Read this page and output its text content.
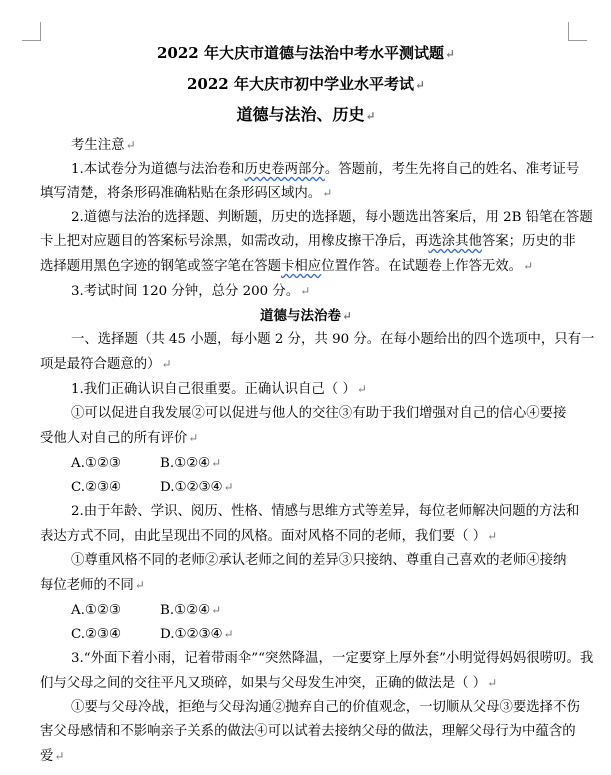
2022 年大庆市道德与法治中考水平测试题↵
2022 年大庆市初中学业水平考试↵
道德与法治、历史↵
考生注意↵
1.本试卷分为道德与法治卷和历史卷两部分。答题前，考生先将自己的姓名、准考证号
填写清楚，将条形码准确粘贴在条形码区域内。↵
2.道德与法治的选择题、判断题，历史的选择题，每小题选出答案后，用 2B 铅笔在答题
卡上把对应题目的答案标号涂黑，如需改动，用橡皮擦干净后，再选涂其他答案；历史的非
选择题用黑色字迹的钢笔或签字笔在答题卡相应位置作答。在试题卷上作答无效。↵
3.考试时间 120 分钟，总分 200 分。↵
道德与法治卷↵
一、选择题（共 45 小题，每小题 2 分，共 90 分。在每小题给出的四个选项中，只有一
项是最符合题意的）↵
1.我们正确认识自己很重要。正确认识自己（ ）↵
①可以促进自我发展②可以促进与他人的交往③有助于我们增强对自己的信心④要接
受他人对自己的所有评价↵
A.①②③	B.①②④↵
C.②③④	D.①②③④↵
2.由于年龄、学识、阅历、性格、情感与思维方式等差异，每位老师解决问题的方法和
表达方式不同，由此呈现出不同的风格。面对风格不同的老师，我们要（ ）↵
①尊重风格不同的老师②承认老师之间的差异③只接纳、尊重自己喜欢的老师④接纳
每位老师的不同↵
A.①②③	B.①②④↵
C.②③④	D.①②③④↵
3.“外面下着小雨，记着带雨伞”“突然降温，一定要穿上厚外套”小明觉得妈妈很唠叨。我
们与父母之间的交往平凡又琐碎，如果与父母发生冲突，正确的做法是（ ）↵
①要与父母冷战，拒绝与父母沟通②抛弃自己的价值观念，一切顺从父母③要选择不伤
害父母感情和不影响亲子关系的做法④可以试着去接纳父母的做法，理解父母行为中蕴含的
爱↵
